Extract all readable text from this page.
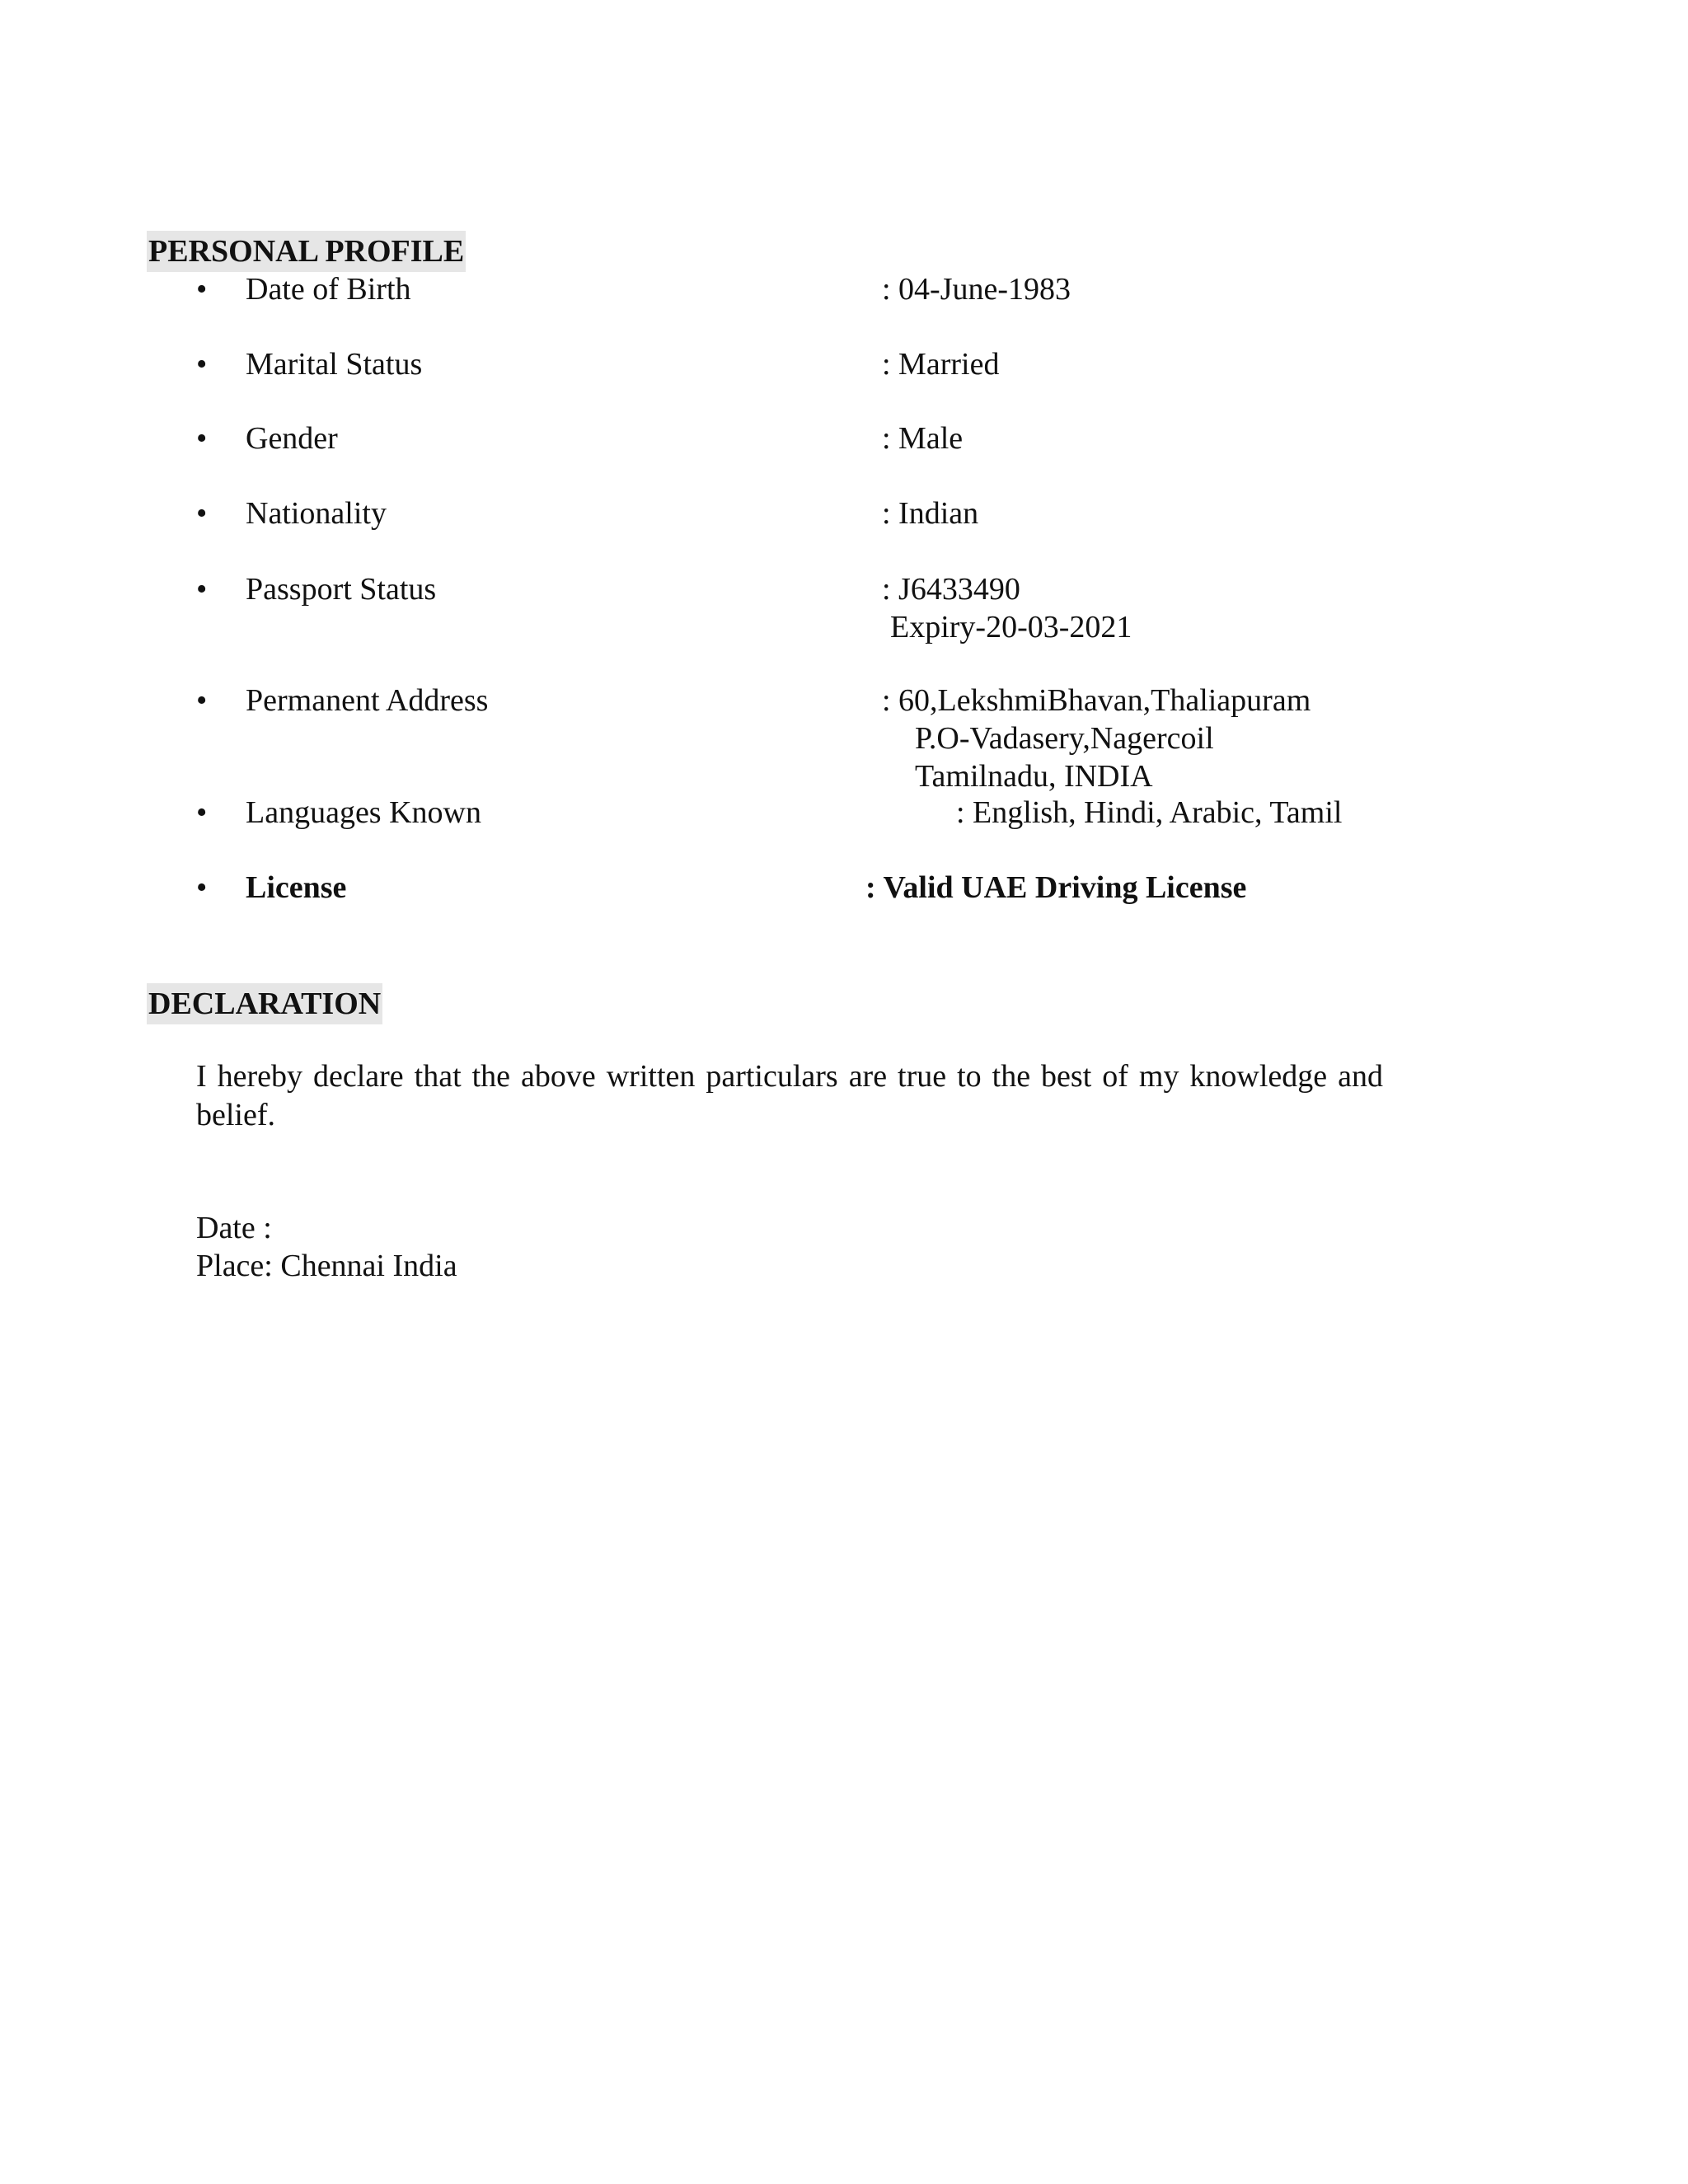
PERSONAL PROFILE
• Date of Birth	: 04-June-1983
• Marital Status	: Married
• Gender	: Male
• Nationality	: Indian
• Passport Status	: J6433490
Expiry-20-03-2021
• Permanent Address	: 60,LekshmiBhavan,Thaliapuram
P.O-Vadasery,Nagercoil
Tamilnadu, INDIA
• Languages Known	: English, Hindi, Arabic, Tamil
• License	: Valid UAE Driving License
DECLARATION
I hereby declare that the above written particulars are true to the best of my knowledge and belief.
Date :
Place: Chennai India
